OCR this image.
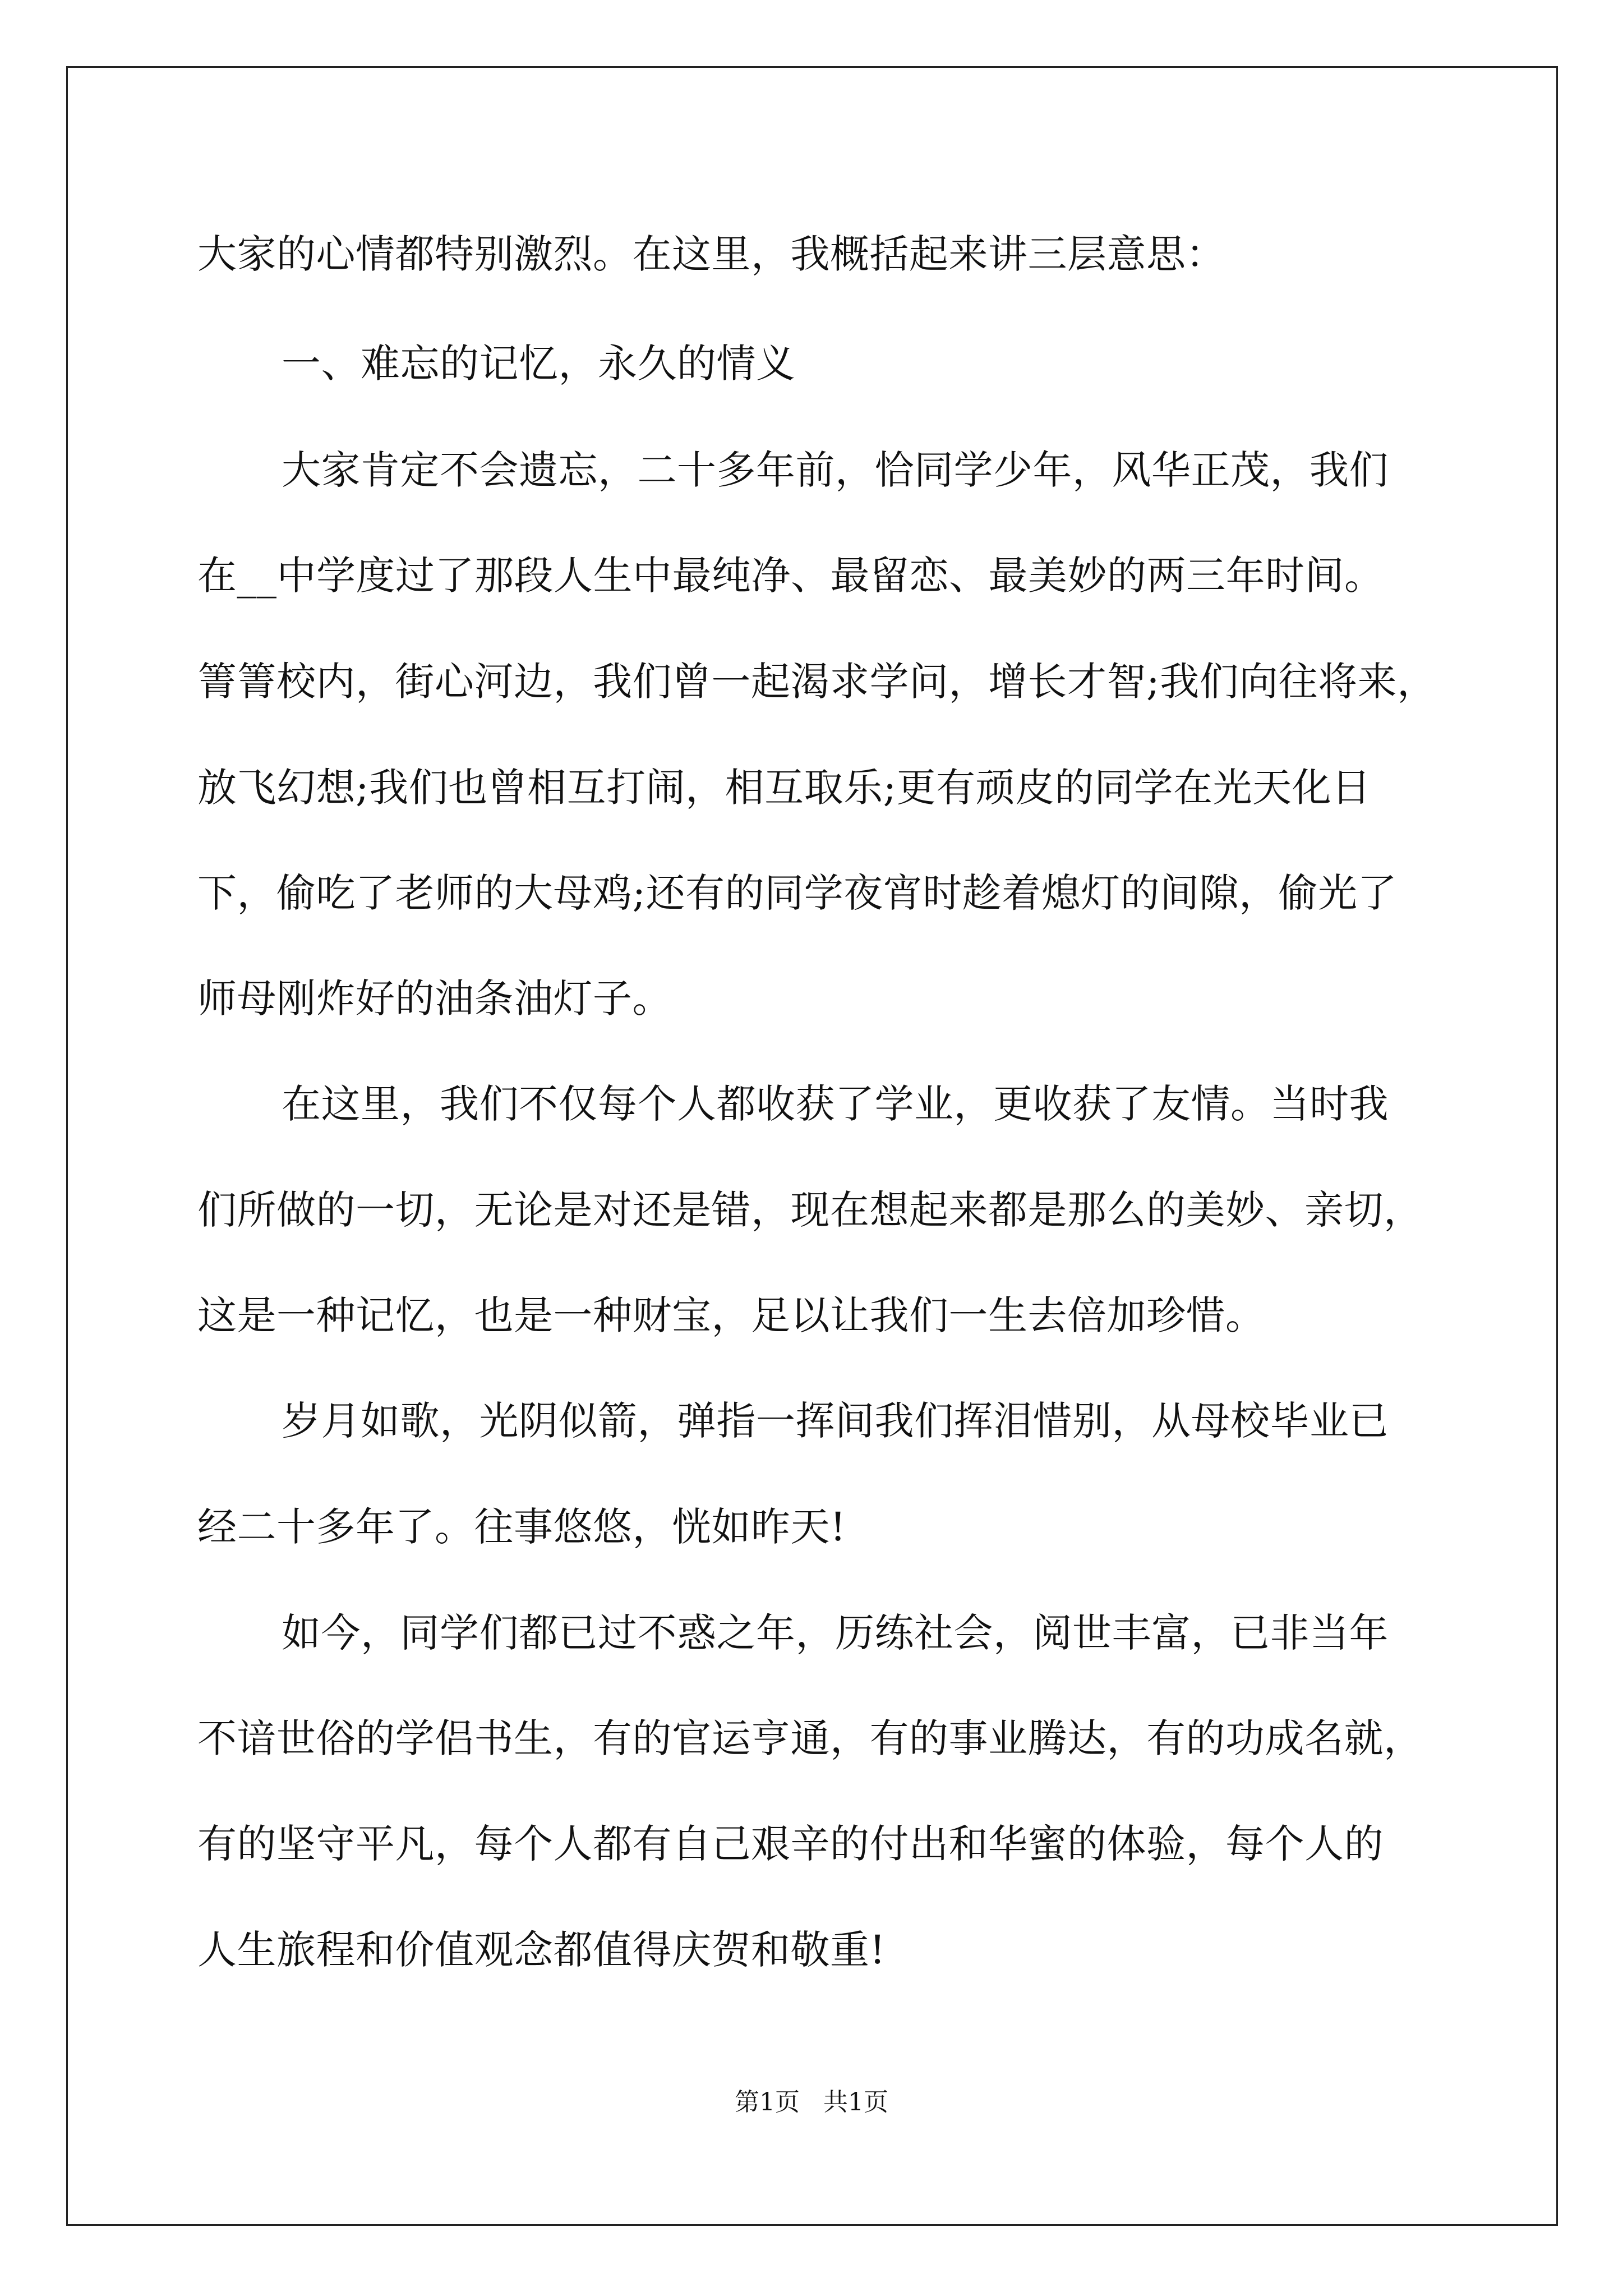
大家的心情都特别激烈。在这里，我概括起来讲三层意思：
一、难忘的记忆，永久的情义
大家肯定不会遗忘，二十多年前，恰同学少年，风华正茂，我们
在__中学度过了那段人生中最纯净、最留恋、最美妙的两三年时间。
箐箐校内，街心河边，我们曾一起渴求学问，增长才智;我们向往将来，
放飞幻想;我们也曾相互打闹，相互取乐;更有顽皮的同学在光天化日
下，偷吃了老师的大母鸡;还有的同学夜宵时趁着熄灯的间隙，偷光了
师母刚炸好的油条油灯子。
在这里，我们不仅每个人都收获了学业，更收获了友情。当时我
们所做的一切，无论是对还是错，现在想起来都是那么的美妙、亲切，
这是一种记忆，也是一种财宝，足以让我们一生去倍加珍惜。
岁月如歌，光阴似箭，弹指一挥间我们挥泪惜别，从母校毕业已
经二十多年了。往事悠悠，恍如昨天!
如今，同学们都已过不惑之年，历练社会，阅世丰富，已非当年
不谙世俗的学侣书生，有的官运亨通，有的事业腾达，有的功成名就，
有的坚守平凡，每个人都有自己艰辛的付出和华蜜的体验，每个人的
人生旅程和价值观念都值得庆贺和敬重!
第1页   共1页
